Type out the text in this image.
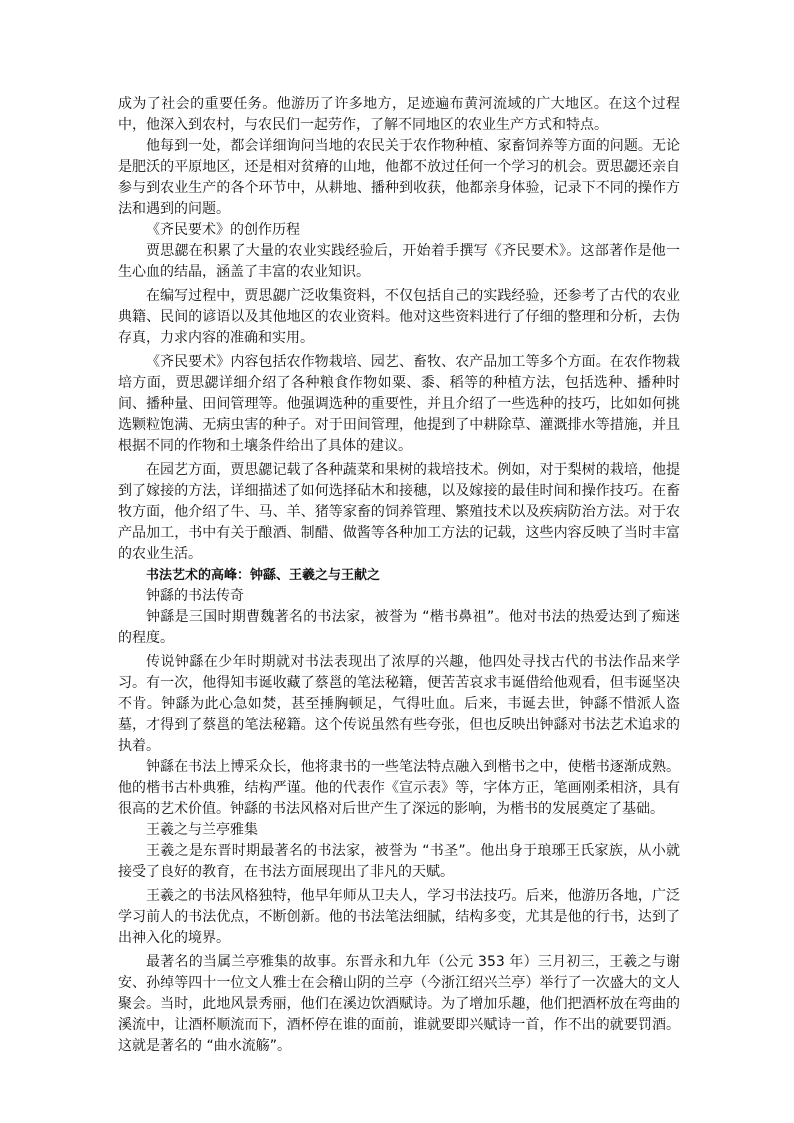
成为了社会的重要任务。他游历了许多地方，足迹遍布黄河流域的广大地区。在这个过程中，他深入到农村，与农民们一起劳作，了解不同地区的农业生产方式和特点。

他每到一处，都会详细询问当地的农民关于农作物种植、家畜饲养等方面的问题。无论是肥沃的平原地区，还是相对贫瘠的山地，他都不放过任何一个学习的机会。贾思勰还亲自参与到农业生产的各个环节中，从耕地、播种到收获，他都亲身体验，记录下不同的操作方法和遇到的问题。

《齐民要术》的创作历程

贾思勰在积累了大量的农业实践经验后，开始着手撰写《齐民要术》。这部著作是他一生心血的结晶，涵盖了丰富的农业知识。

在编写过程中，贾思勰广泛收集资料，不仅包括自己的实践经验，还参考了古代的农业典籍、民间的谚语以及其他地区的农业资料。他对这些资料进行了仔细的整理和分析，去伪存真，力求内容的准确和实用。

《齐民要术》内容包括农作物栽培、园艺、畜牧、农产品加工等多个方面。在农作物栽培方面，贾思勰详细介绍了各种粮食作物如粟、黍、稻等的种植方法，包括选种、播种时间、播种量、田间管理等。他强调选种的重要性，并且介绍了一些选种的技巧，比如如何挑选颗粒饱满、无病虫害的种子。对于田间管理，他提到了中耕除草、灌溉排水等措施，并且根据不同的作物和土壤条件给出了具体的建议。

在园艺方面，贾思勰记载了各种蔬菜和果树的栽培技术。例如，对于梨树的栽培，他提到了嫁接的方法，详细描述了如何选择砧木和接穗，以及嫁接的最佳时间和操作技巧。在畜牧方面，他介绍了牛、马、羊、猪等家畜的饲养管理、繁殖技术以及疾病防治方法。对于农产品加工，书中有关于酿酒、制醋、做酱等各种加工方法的记载，这些内容反映了当时丰富的农业生活。

书法艺术的高峰：钟繇、王羲之与王献之

钟繇的书法传奇

钟繇是三国时期曹魏著名的书法家，被誉为 “楷书鼻祖”。他对书法的热爱达到了痴迷的程度。

传说钟繇在少年时期就对书法表现出了浓厚的兴趣，他四处寻找古代的书法作品来学习。有一次，他得知韦诞收藏了蔡邕的笔法秘籍，便苦苦哀求韦诞借给他观看，但韦诞坚决不肯。钟繇为此心急如焚，甚至捶胸顿足，气得吐血。后来，韦诞去世，钟繇不惜派人盗墓，才得到了蔡邕的笔法秘籍。这个传说虽然有些夸张，但也反映出钟繇对书法艺术追求的执着。

钟繇在书法上博采众长，他将隶书的一些笔法特点融入到楷书之中，使楷书逐渐成熟。他的楷书古朴典雅，结构严谨。他的代表作《宣示表》等，字体方正，笔画刚柔相济，具有很高的艺术价值。钟繇的书法风格对后世产生了深远的影响，为楷书的发展奠定了基础。

王羲之与兰亭雅集

王羲之是东晋时期最著名的书法家，被誉为 “书圣”。他出身于琅琊王氏家族，从小就接受了良好的教育，在书法方面展现出了非凡的天赋。

王羲之的书法风格独特，他早年师从卫夫人，学习书法技巧。后来，他游历各地，广泛学习前人的书法优点，不断创新。他的书法笔法细腻，结构多变，尤其是他的行书，达到了出神入化的境界。

最著名的当属兰亭雅集的故事。东晋永和九年（公元 353 年）三月初三，王羲之与谢安、孙绰等四十一位文人雅士在会稽山阴的兰亭（今浙江绍兴兰亭）举行了一次盛大的文人聚会。当时，此地风景秀丽，他们在溪边饮酒赋诗。为了增加乐趣，他们把酒杯放在弯曲的溪流中，让酒杯顺流而下，酒杯停在谁的面前，谁就要即兴赋诗一首，作不出的就要罚酒。这就是著名的 “曲水流觞”。
